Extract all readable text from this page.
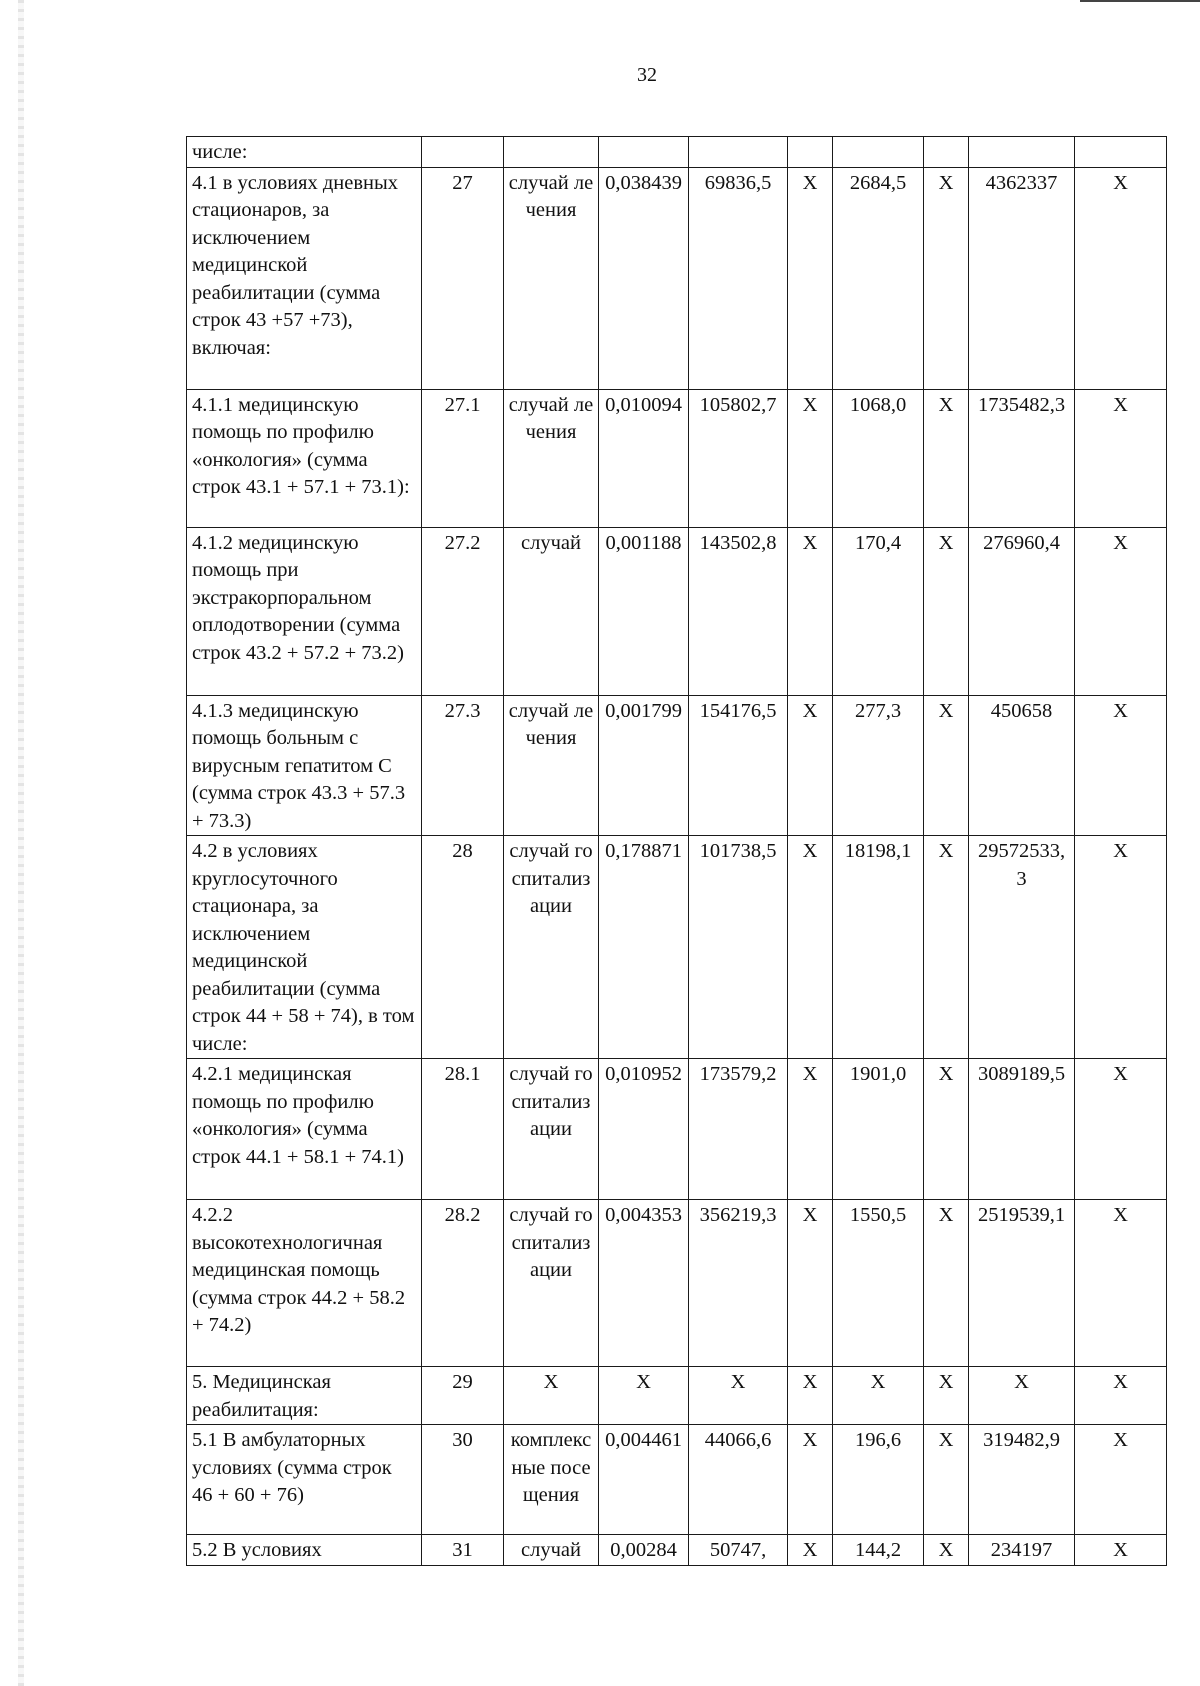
32
числе:									
4.1 в условиях дневных стационаров, за исключением медицинской реабилитации (сумма строк 43 +57 +73), включая:	27	случай лечения	0,038439	69836,5	X	2684,5	X	4362337	X
4.1.1 медицинскую помощь по профилю «онкология» (сумма строк 43.1 + 57.1 + 73.1):	27.1	случай лечения	0,010094	105802,7	X	1068,0	X	1735482,3	X
4.1.2 медицинскую помощь при экстракорпоральном оплодотворении (сумма строк 43.2 + 57.2 + 73.2)	27.2	случай	0,001188	143502,8	X	170,4	X	276960,4	X
4.1.3 медицинскую помощь больным с вирусным гепатитом С (сумма строк 43.3 + 57.3 + 73.3)	27.3	случай лечения	0,001799	154176,5	X	277,3	X	450658	X
4.2 в условиях круглосуточного стационара, за исключением медицинской реабилитации (сумма строк 44 + 58 + 74), в том числе:	28	случай госпитализации	0,178871	101738,5	X	18198,1	X	29572533,3	X
4.2.1 медицинская помощь по профилю «онкология» (сумма строк 44.1 + 58.1 + 74.1)	28.1	случай госпитализации	0,010952	173579,2	X	1901,0	X	3089189,5	X
4.2.2 высокотехнологичная медицинская помощь (сумма строк 44.2 + 58.2 + 74.2)	28.2	случай госпитализации	0,004353	356219,3	X	1550,5	X	2519539,1	X
5. Медицинская реабилитация:	29	X	X	X	X	X	X	X	X
5.1 В амбулаторных условиях (сумма строк 46 + 60 + 76)	30	комплексные посещения	0,004461	44066,6	X	196,6	X	319482,9	X
5.2 В условиях	31	случай	0,00284	50747,	X	144,2	X	234197	X
